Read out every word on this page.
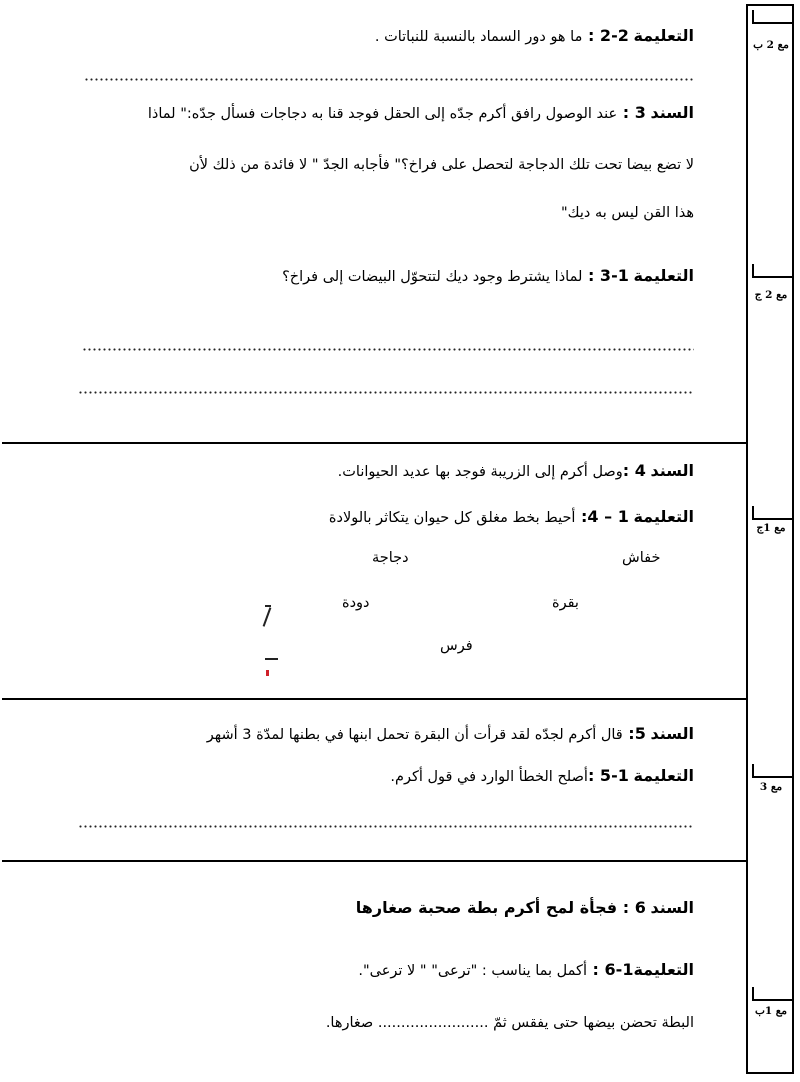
مع 2 ب
مع 2 ج
مع 1ج
مع 3
مع 1ب
التعليمة 2-2 : ما هو دور السماد بالنسبة للنباتات .
السند 3 : عند الوصول رافق أكرم جدّه إلى الحقل فوجد قنا به دجاجات فسأل جدّه:" لماذا
لا تضع بيضا تحت تلك الدجاجة لتحصل على فراخ؟" فأجابه الجدّ " لا فائدة من ذلك لأن
هذا القن ليس به ديك"
التعليمة 1-3 : لماذا يشترط وجود ديك لتتحوّل البيضات إلى فراخ؟
السند 4 :وصل أكرم إلى الزريبة فوجد بها عديد الحيوانات.
التعليمة 1 – 4: أحيط بخط مغلق كل حيوان يتكاثر بالولادة
خفاش
دجاجة
بقرة
دودة
فرس
السند 5: قال أكرم لجدّه لقد قرأت أن البقرة تحمل ابنها في بطنها لمدّة 3 أشهر
التعليمة 1-5 :أصلح الخطأ الوارد في قول أكرم.
السند 6 : فجأة لمح أكرم بطة صحبة صغارها
التعليمة1-6 : أكمل بما يناسب : "ترعى" " لا ترعى".
البطة تحضن بيضها حتى يفقس ثمّ ........................ صغارها.
